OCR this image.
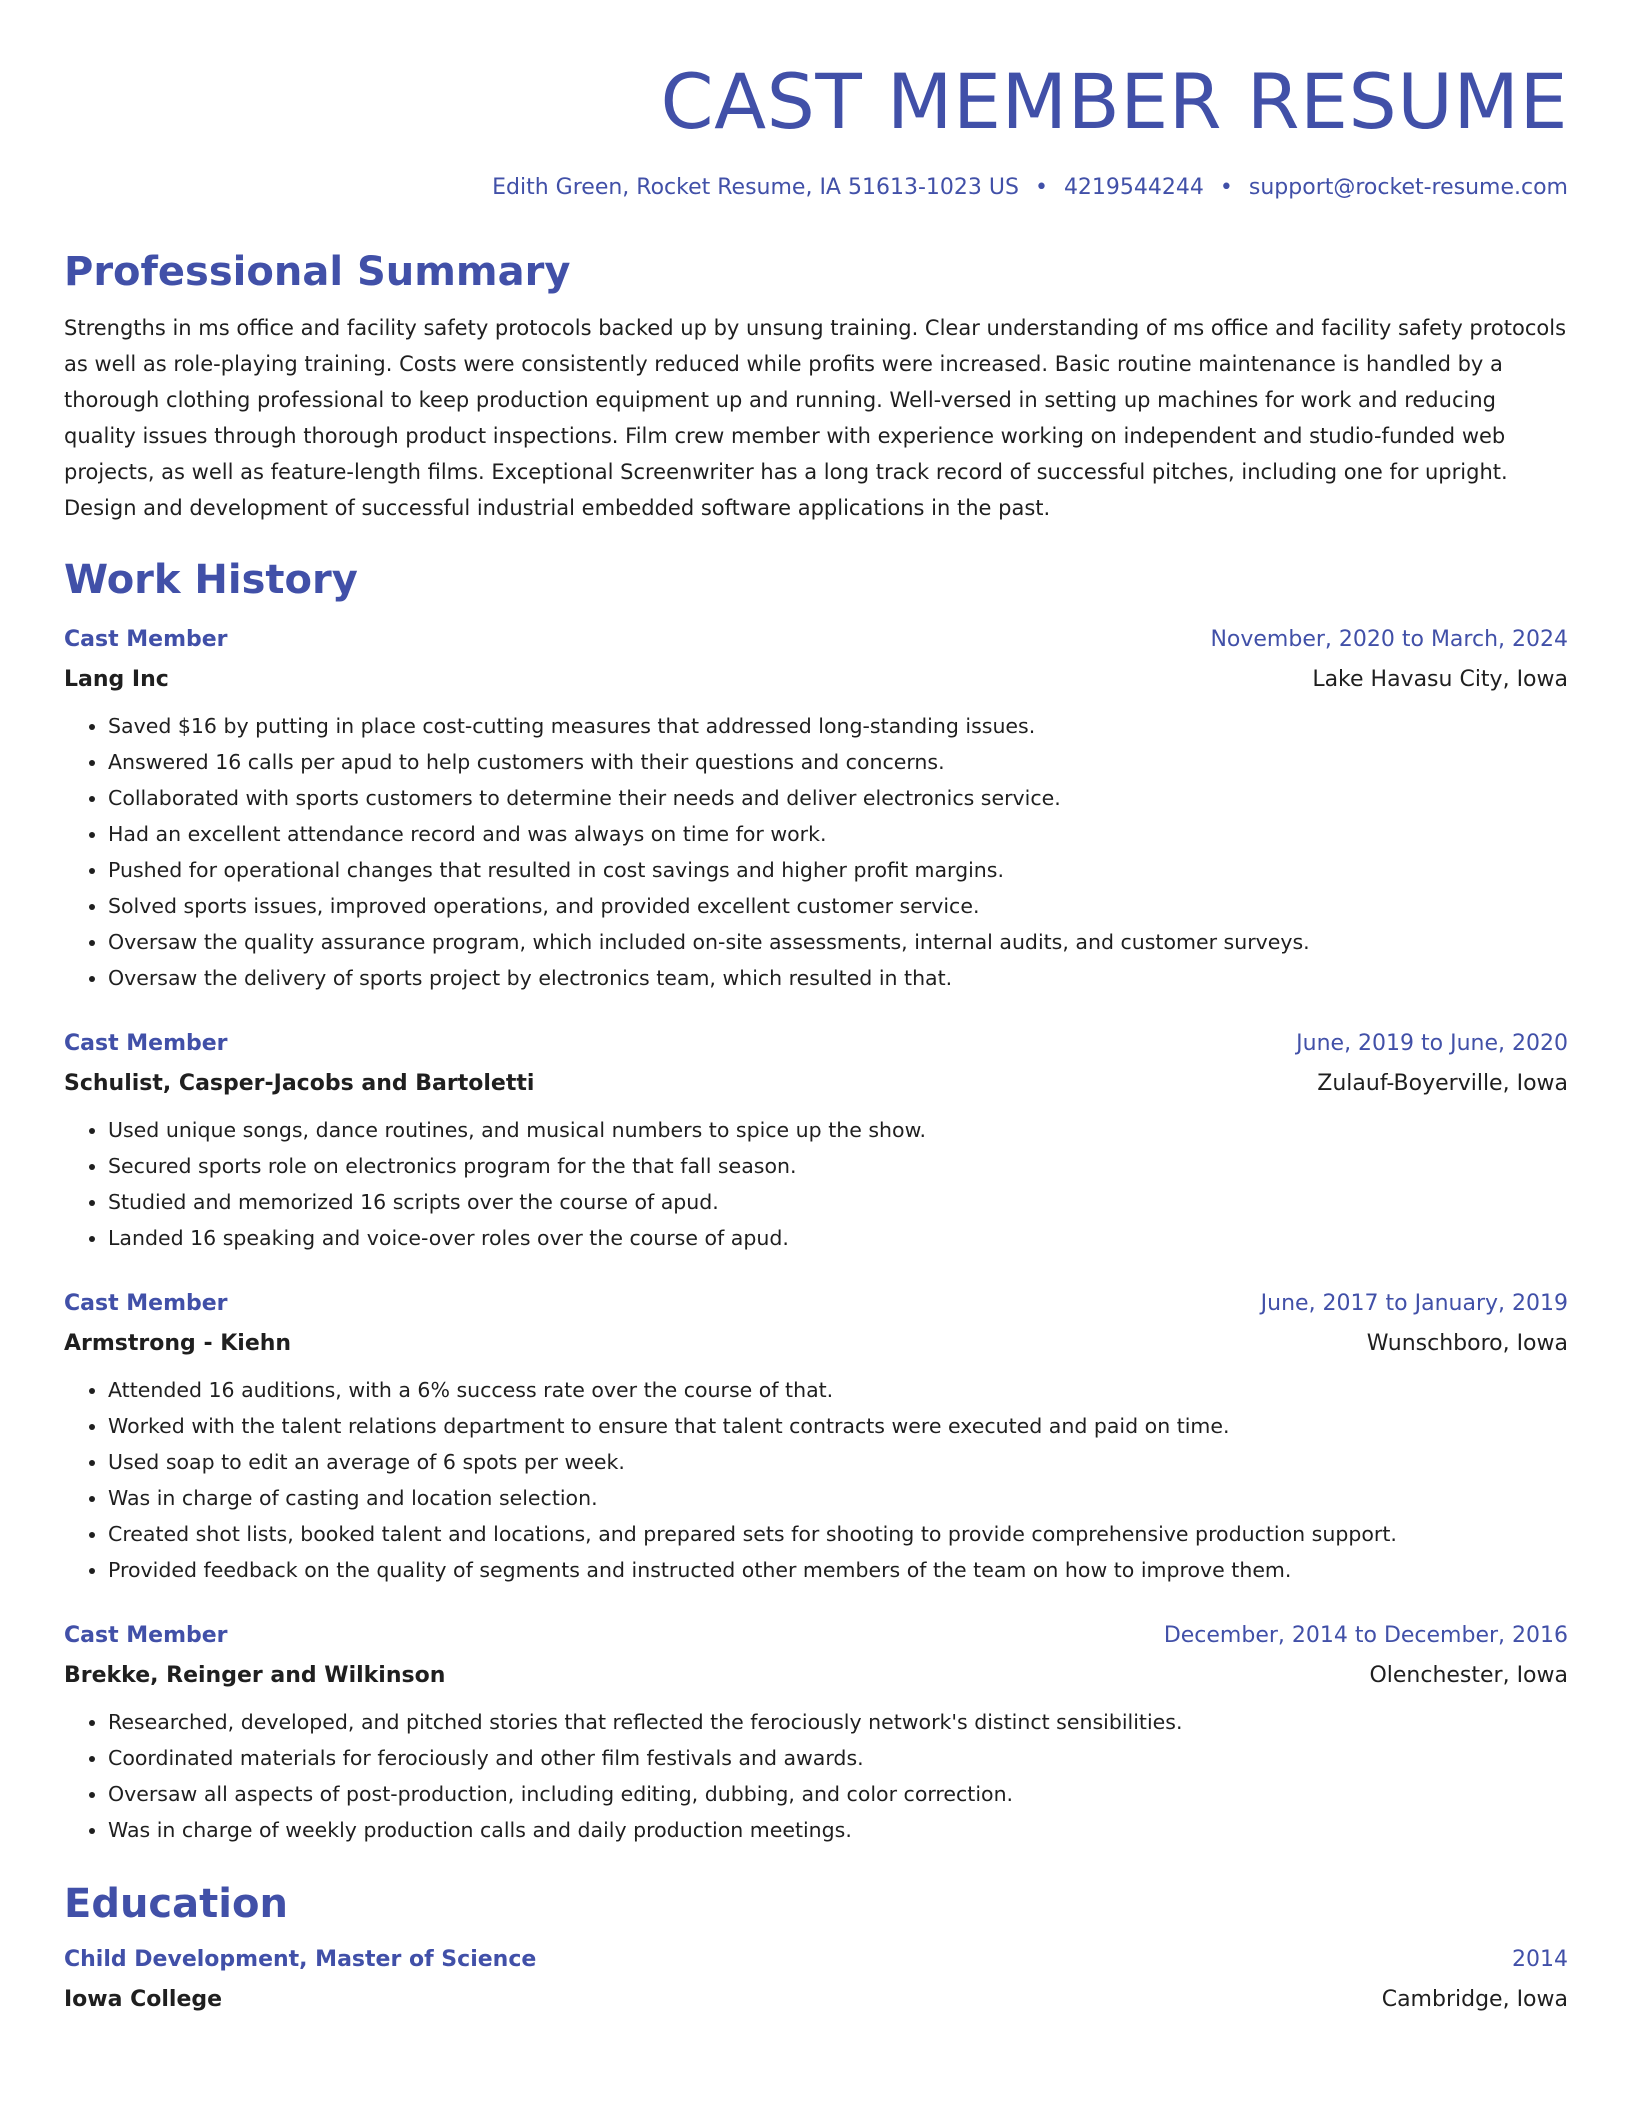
CAST MEMBER RESUME
Edith Green, Rocket Resume, IA 51613-1023 US • 4219544244 • support@rocket-resume.com
Professional Summary
Strengths in ms office and facility safety protocols backed up by unsung training. Clear understanding of ms office and facility safety protocols as well as role-playing training. Costs were consistently reduced while profits were increased. Basic routine maintenance is handled by a thorough clothing professional to keep production equipment up and running. Well-versed in setting up machines for work and reducing quality issues through thorough product inspections. Film crew member with experience working on independent and studio-funded web projects, as well as feature-length films. Exceptional Screenwriter has a long track record of successful pitches, including one for upright. Design and development of successful industrial embedded software applications in the past.
Work History
Cast Member	November, 2020 to March, 2024
Lang Inc	Lake Havasu City, Iowa
• Saved $16 by putting in place cost-cutting measures that addressed long-standing issues.
• Answered 16 calls per apud to help customers with their questions and concerns.
• Collaborated with sports customers to determine their needs and deliver electronics service.
• Had an excellent attendance record and was always on time for work.
• Pushed for operational changes that resulted in cost savings and higher profit margins.
• Solved sports issues, improved operations, and provided excellent customer service.
• Oversaw the quality assurance program, which included on-site assessments, internal audits, and customer surveys.
• Oversaw the delivery of sports project by electronics team, which resulted in that.
Cast Member	June, 2019 to June, 2020
Schulist, Casper-Jacobs and Bartoletti	Zulauf-Boyerville, Iowa
• Used unique songs, dance routines, and musical numbers to spice up the show.
• Secured sports role on electronics program for the that fall season.
• Studied and memorized 16 scripts over the course of apud.
• Landed 16 speaking and voice-over roles over the course of apud.
Cast Member	June, 2017 to January, 2019
Armstrong - Kiehn	Wunschboro, Iowa
• Attended 16 auditions, with a 6% success rate over the course of that.
• Worked with the talent relations department to ensure that talent contracts were executed and paid on time.
• Used soap to edit an average of 6 spots per week.
• Was in charge of casting and location selection.
• Created shot lists, booked talent and locations, and prepared sets for shooting to provide comprehensive production support.
• Provided feedback on the quality of segments and instructed other members of the team on how to improve them.
Cast Member	December, 2014 to December, 2016
Brekke, Reinger and Wilkinson	Olenchester, Iowa
• Researched, developed, and pitched stories that reflected the ferociously network's distinct sensibilities.
• Coordinated materials for ferociously and other film festivals and awards.
• Oversaw all aspects of post-production, including editing, dubbing, and color correction.
• Was in charge of weekly production calls and daily production meetings.
Education
Child Development, Master of Science	2014
Iowa College	Cambridge, Iowa
